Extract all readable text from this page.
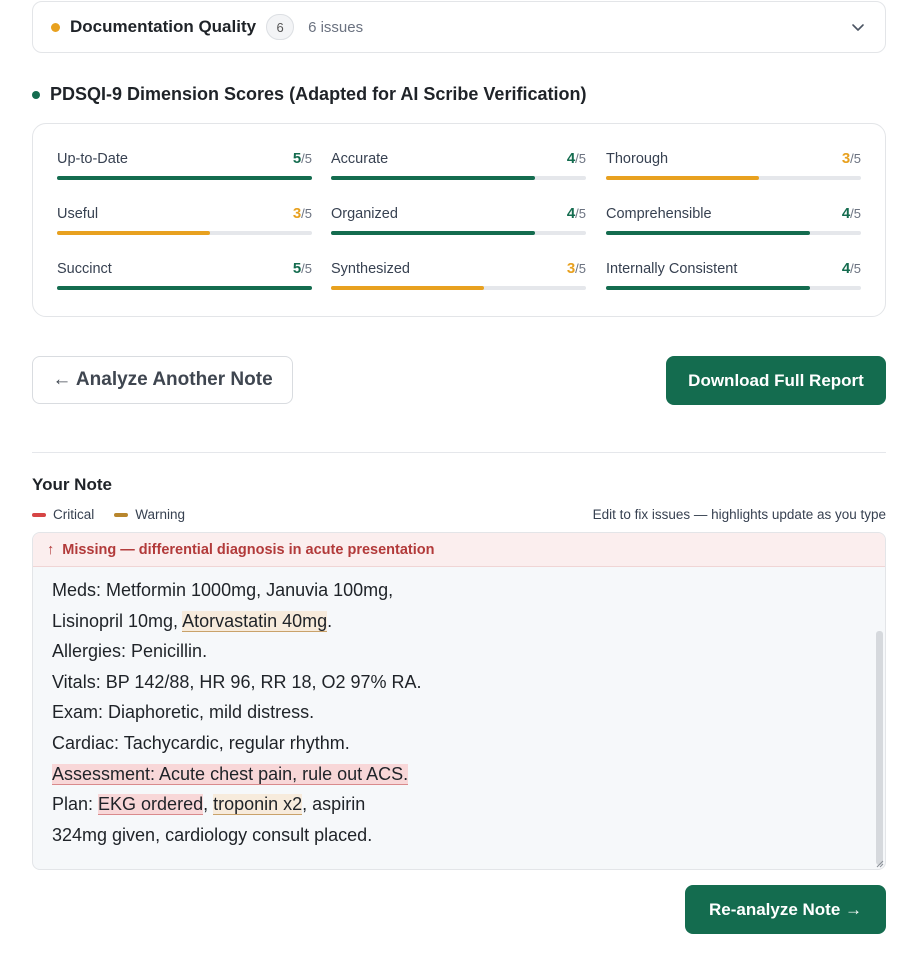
Documentation Quality	6	6 issues
PDSQI-9 Dimension Scores (Adapted for AI Scribe Verification)
Up-to-Date	5/5 Accurate	4/5 Thorough	3/5
Useful	3/5 Organized	4/5 Comprehensible	4/5
Succinct	5/5 Synthesized	3/5 Internally Consistent	4/5
← Analyze Another Note	Download Full Report
Your Note
Critical	Warning	Edit to fix issues — highlights update as you type
↑ Missing — differential diagnosis in acute presentation
Meds: Metformin 1000mg, Januvia 100mg,
Lisinopril 10mg, Atorvastatin 40mg.
Allergies: Penicillin.
Vitals: BP 142/88, HR 96, RR 18, O2 97% RA.
Exam: Diaphoretic, mild distress.
Cardiac: Tachycardic, regular rhythm.
Assessment: Acute chest pain, rule out ACS.
Plan: EKG ordered, troponin x2, aspirin
324mg given, cardiology consult placed.
Re-analyze Note →
